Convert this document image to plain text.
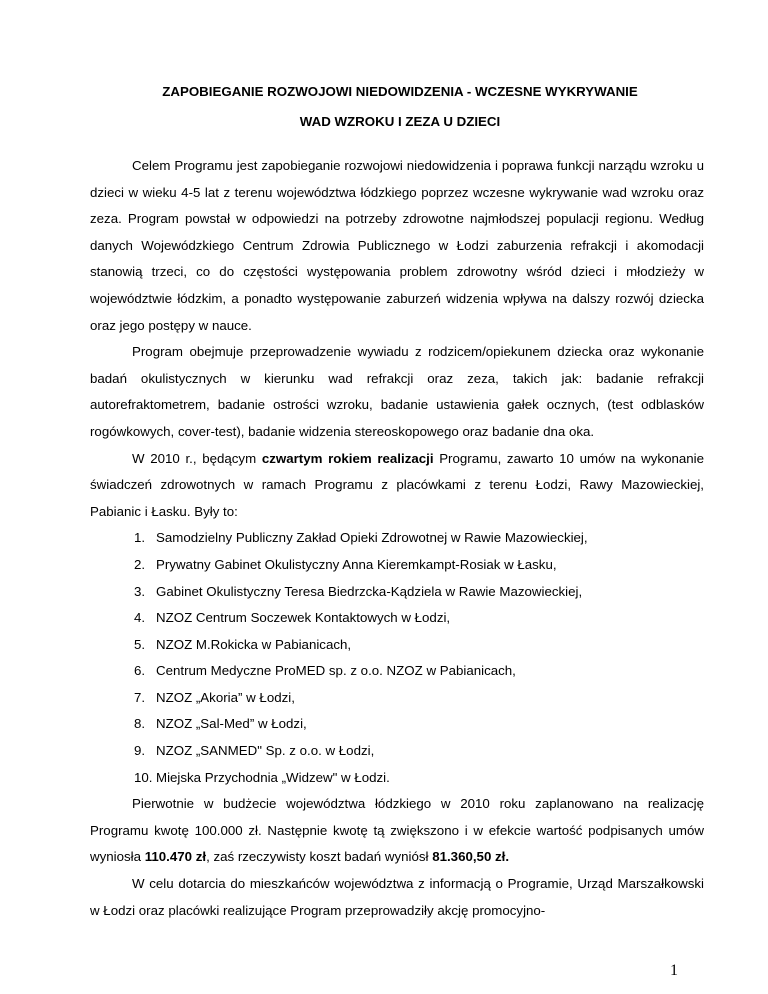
ZAPOBIEGANIE ROZWOJOWI NIEDOWIDZENIA - WCZESNE WYKRYWANIE
WAD WZROKU I ZEZA U DZIECI

Celem Programu jest zapobieganie rozwojowi niedowidzenia i poprawa funkcji narządu wzroku u dzieci w wieku 4-5 lat z terenu województwa łódzkiego poprzez wczesne wykrywanie wad wzroku oraz zeza. Program powstał w odpowiedzi na potrzeby zdrowotne najmłodszej populacji regionu. Według danych Wojewódzkiego Centrum Zdrowia Publicznego w Łodzi zaburzenia refrakcji i akomodacji stanowią trzeci, co do częstości występowania problem zdrowotny wśród dzieci i młodzieży w województwie łódzkim, a ponadto występowanie zaburzeń widzenia wpływa na dalszy rozwój dziecka oraz jego postępy w nauce.

Program obejmuje przeprowadzenie wywiadu z rodzicem/opiekunem dziecka oraz wykonanie badań okulistycznych w kierunku wad refrakcji oraz zeza, takich jak: badanie refrakcji autorefraktometrem, badanie ostrości wzroku, badanie ustawienia gałek ocznych, (test odblasków rogówkowych, cover-test), badanie widzenia stereoskopowego oraz badanie dna oka.

W 2010 r., będącym czwartym rokiem realizacji Programu, zawarto 10 umów na wykonanie świadczeń zdrowotnych w ramach Programu z placówkami z terenu Łodzi, Rawy Mazowieckiej, Pabianic i Łasku. Były to:

1. Samodzielny Publiczny Zakład Opieki Zdrowotnej w Rawie Mazowieckiej,
2. Prywatny Gabinet Okulistyczny Anna Kieremkampt-Rosiak w Łasku,
3. Gabinet Okulistyczny Teresa Biedrzcka-Kądziela w Rawie Mazowieckiej,
4. NZOZ Centrum Soczewek Kontaktowych w Łodzi,
5. NZOZ M.Rokicka w Pabianicach,
6. Centrum Medyczne ProMED sp. z o.o. NZOZ w Pabianicach,
7. NZOZ „Akoria” w Łodzi,
8. NZOZ „Sal-Med” w Łodzi,
9. NZOZ „SANMED" Sp. z o.o. w Łodzi,
10. Miejska Przychodnia „Widzew" w Łodzi.

Pierwotnie w budżecie województwa łódzkiego w 2010 roku zaplanowano na realizację Programu kwotę 100.000 zł. Następnie kwotę tą zwiększono i w efekcie wartość podpisanych umów wyniosła 110.470 zł, zaś rzeczywisty koszt badań wyniósł 81.360,50 zł.

W celu dotarcia do mieszkańców województwa z informacją o Programie, Urząd Marszałkowski w Łodzi oraz placówki realizujące Program przeprowadziły akcję promocyjno-

1
